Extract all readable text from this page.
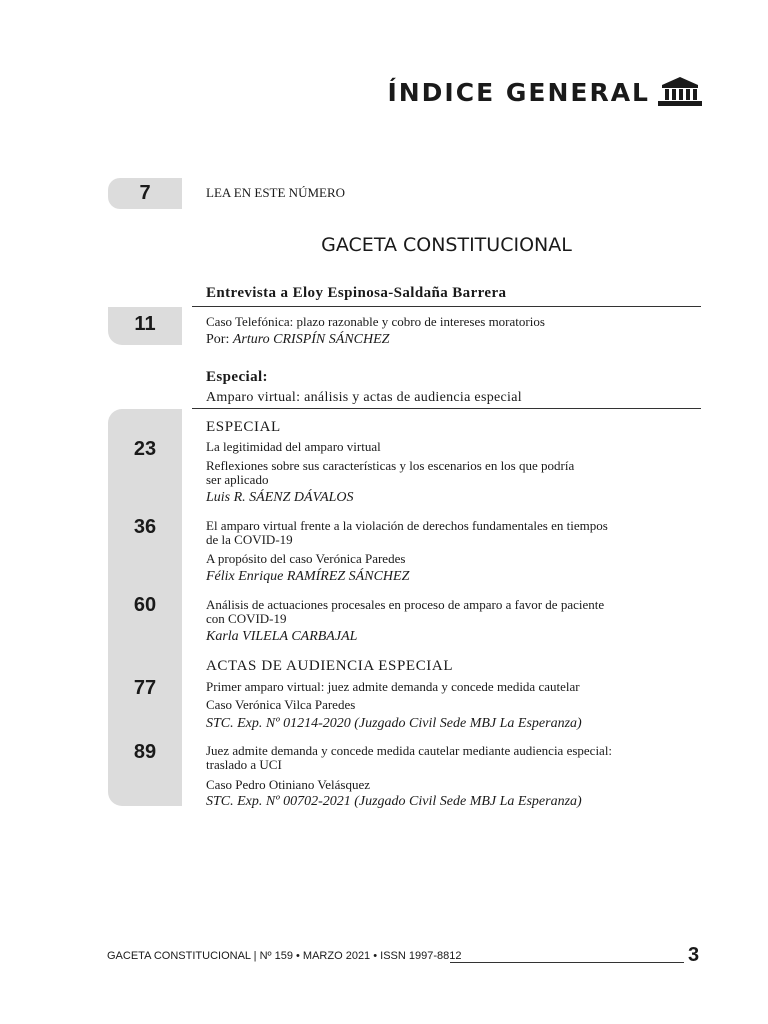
ÍNDICE GENERAL
7	LEA EN ESTE NÚMERO
GACETA CONSTITUCIONAL
Entrevista a Eloy Espinosa-Saldaña Barrera
11	Caso Telefónica: plazo razonable y cobro de intereses moratorios
Por: Arturo CRISPÍN SÁNCHEZ
Especial:
Amparo virtual: análisis y actas de audiencia especial
ESPECIAL
23	La legitimidad del amparo virtual
Reflexiones sobre sus características y los escenarios en los que podría
ser aplicado
Luis R. SÁENZ DÁVALOS
36	El amparo virtual frente a la violación de derechos fundamentales en tiempos
de la COVID-19
A propósito del caso Verónica Paredes
Félix Enrique RAMÍREZ SÁNCHEZ
60	Análisis de actuaciones procesales en proceso de amparo a favor de paciente
con COVID-19
Karla VILELA CARBAJAL
ACTAS DE AUDIENCIA ESPECIAL
77	Primer amparo virtual: juez admite demanda y concede medida cautelar
Caso Verónica Vilca Paredes
STC. Exp. Nº 01214-2020 (Juzgado Civil Sede MBJ La Esperanza)
89	Juez admite demanda y concede medida cautelar mediante audiencia especial:
traslado a UCI
Caso Pedro Otiniano Velásquez
STC. Exp. Nº 00702-2021 (Juzgado Civil Sede MBJ La Esperanza)
GACETA CONSTITUCIONAL | Nº 159 • MARZO 2021 • ISSN 1997-8812	3
